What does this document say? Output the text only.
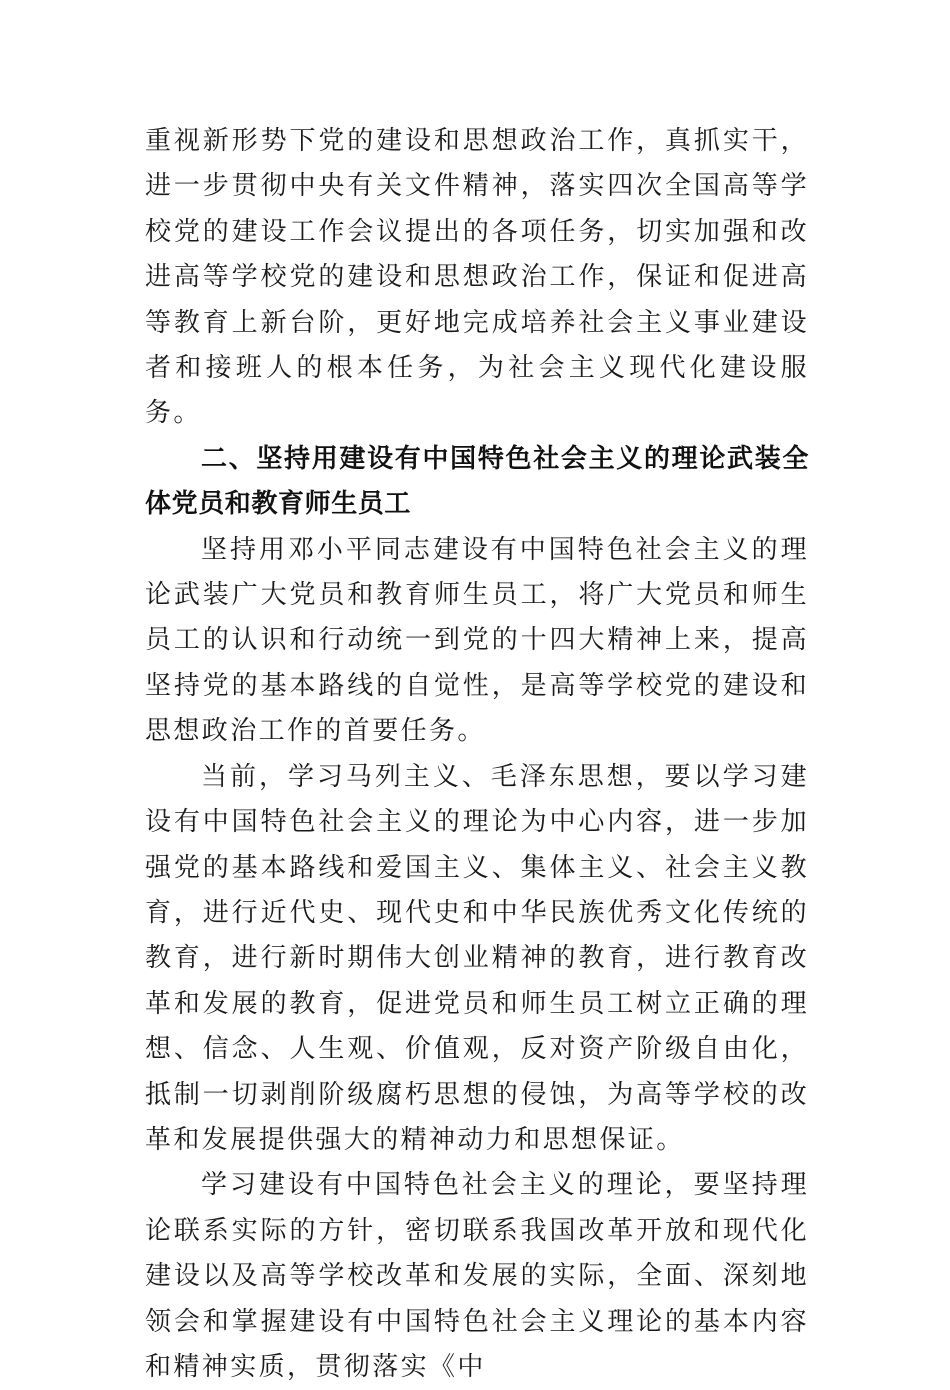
重视新形势下党的建设和思想政治工作，真抓实干，进一步贯彻中央有关文件精神，落实四次全国高等学校党的建设工作会议提出的各项任务，切实加强和改进高等学校党的建设和思想政治工作，保证和促进高等教育上新台阶，更好地完成培养社会主义事业建设者和接班人的根本任务，为社会主义现代化建设服务。

二、坚持用建设有中国特色社会主义的理论武装全体党员和教育师生员工

坚持用邓小平同志建设有中国特色社会主义的理论武装广大党员和教育师生员工，将广大党员和师生员工的认识和行动统一到党的十四大精神上来，提高坚持党的基本路线的自觉性，是高等学校党的建设和思想政治工作的首要任务。

当前，学习马列主义、毛泽东思想，要以学习建设有中国特色社会主义的理论为中心内容，进一步加强党的基本路线和爱国主义、集体主义、社会主义教育，进行近代史、现代史和中华民族优秀文化传统的教育，进行新时期伟大创业精神的教育，进行教育改革和发展的教育，促进党员和师生员工树立正确的理想、信念、人生观、价值观，反对资产阶级自由化，抵制一切剥削阶级腐朽思想的侵蚀，为高等学校的改革和发展提供强大的精神动力和思想保证。

学习建设有中国特色社会主义的理论，要坚持理论联系实际的方针，密切联系我国改革开放和现代化建设以及高等学校改革和发展的实际，全面、深刻地领会和掌握建设有中国特色社会主义理论的基本内容和精神实质，贯彻落实《中
